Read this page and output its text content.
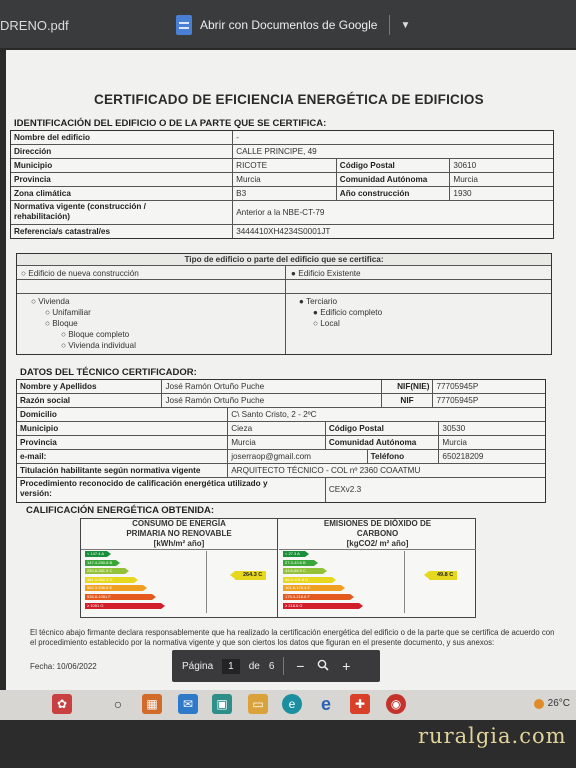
DRENO.pdf	Abrir con Documentos de Google ▼
CERTIFICADO DE EFICIENCIA ENERGÉTICA DE EDIFICIOS
IDENTIFICACIÓN DEL EDIFICIO O DE LA PARTE QUE SE CERTIFICA:
Nombre del edificio	-
Dirección	CALLE PRINCIPE, 49
Municipio	RICOTE	Código Postal	30610
Provincia	Murcia	Comunidad Autónoma	Murcia
Zona climática	B3	Año construcción	1930
Normativa vigente (construcción /
rehabilitación)	Anterior a la NBE-CT-79
Referencia/s catastral/es	3444410XH4234S0001JT
Tipo de edificio o parte del edificio que se certifica:
○ Edificio de nueva construcción	● Edificio Existente
○ Vivienda
○ Unifamiliar
○ Bloque
○ Bloque completo
○ Vivienda individual
● Terciario
● Edificio completo
○ Local
DATOS DEL TÉCNICO CERTIFICADOR:
Nombre y Apellidos	José Ramón Ortuño Puche	NIF(NIE) 77705945P
Razón social	José Ramón Ortuño Puche	NIF	77705945P
Domicilio	C\ Santo Cristo, 2 - 2ºC
Municipio	Cieza	Código Postal	30530
Provincia	Murcia	Comunidad Autónoma	Murcia
e-mail:	joserraop@gmail.com	Teléfono	650218209
Titulación habilitante según normativa vigente	ARQUITECTO TÉCNICO - COL nº 2360 COAATMU
Procedimiento reconocido de calificación energética utilizado y
versión:	CEXv2.3
CALIFICACIÓN ENERGÉTICA OBTENIDA:
CONSUMO DE ENERGÍA
PRIMARIA NO RENOVABLE
[kWh/m² año]
< 147.4 A
147.4-250.8 B
250.8-381.9 C
381.9-562.3 D
562.3-936.8 E
936.8-1051 F
≥ 1051 G
264.3 C
EMISIONES DE DIÓXIDO DE
CARBONO
[kgCO2/ m² año]
< 27.3 A
27.3-43.6 B
43.6-66.9 C
66.9-101.6 D
101.6-175.4 E
175.4-218.6 F
≥ 218.6 G
49.8 C
El técnico abajo firmante declara responsablemente que ha realizado la certificación energética del edificio o de la parte que se certifica de acuerdo con el procedimiento establecido por la normativa vigente y que son ciertos los datos que figuran en el presente documento, y sus anexos:
Fecha: 10/06/2022	Página	1	de 6 −	+
✿	○	▦	✉	▣	▭	e	e	✚	◉	26°C
ruralgia.com
